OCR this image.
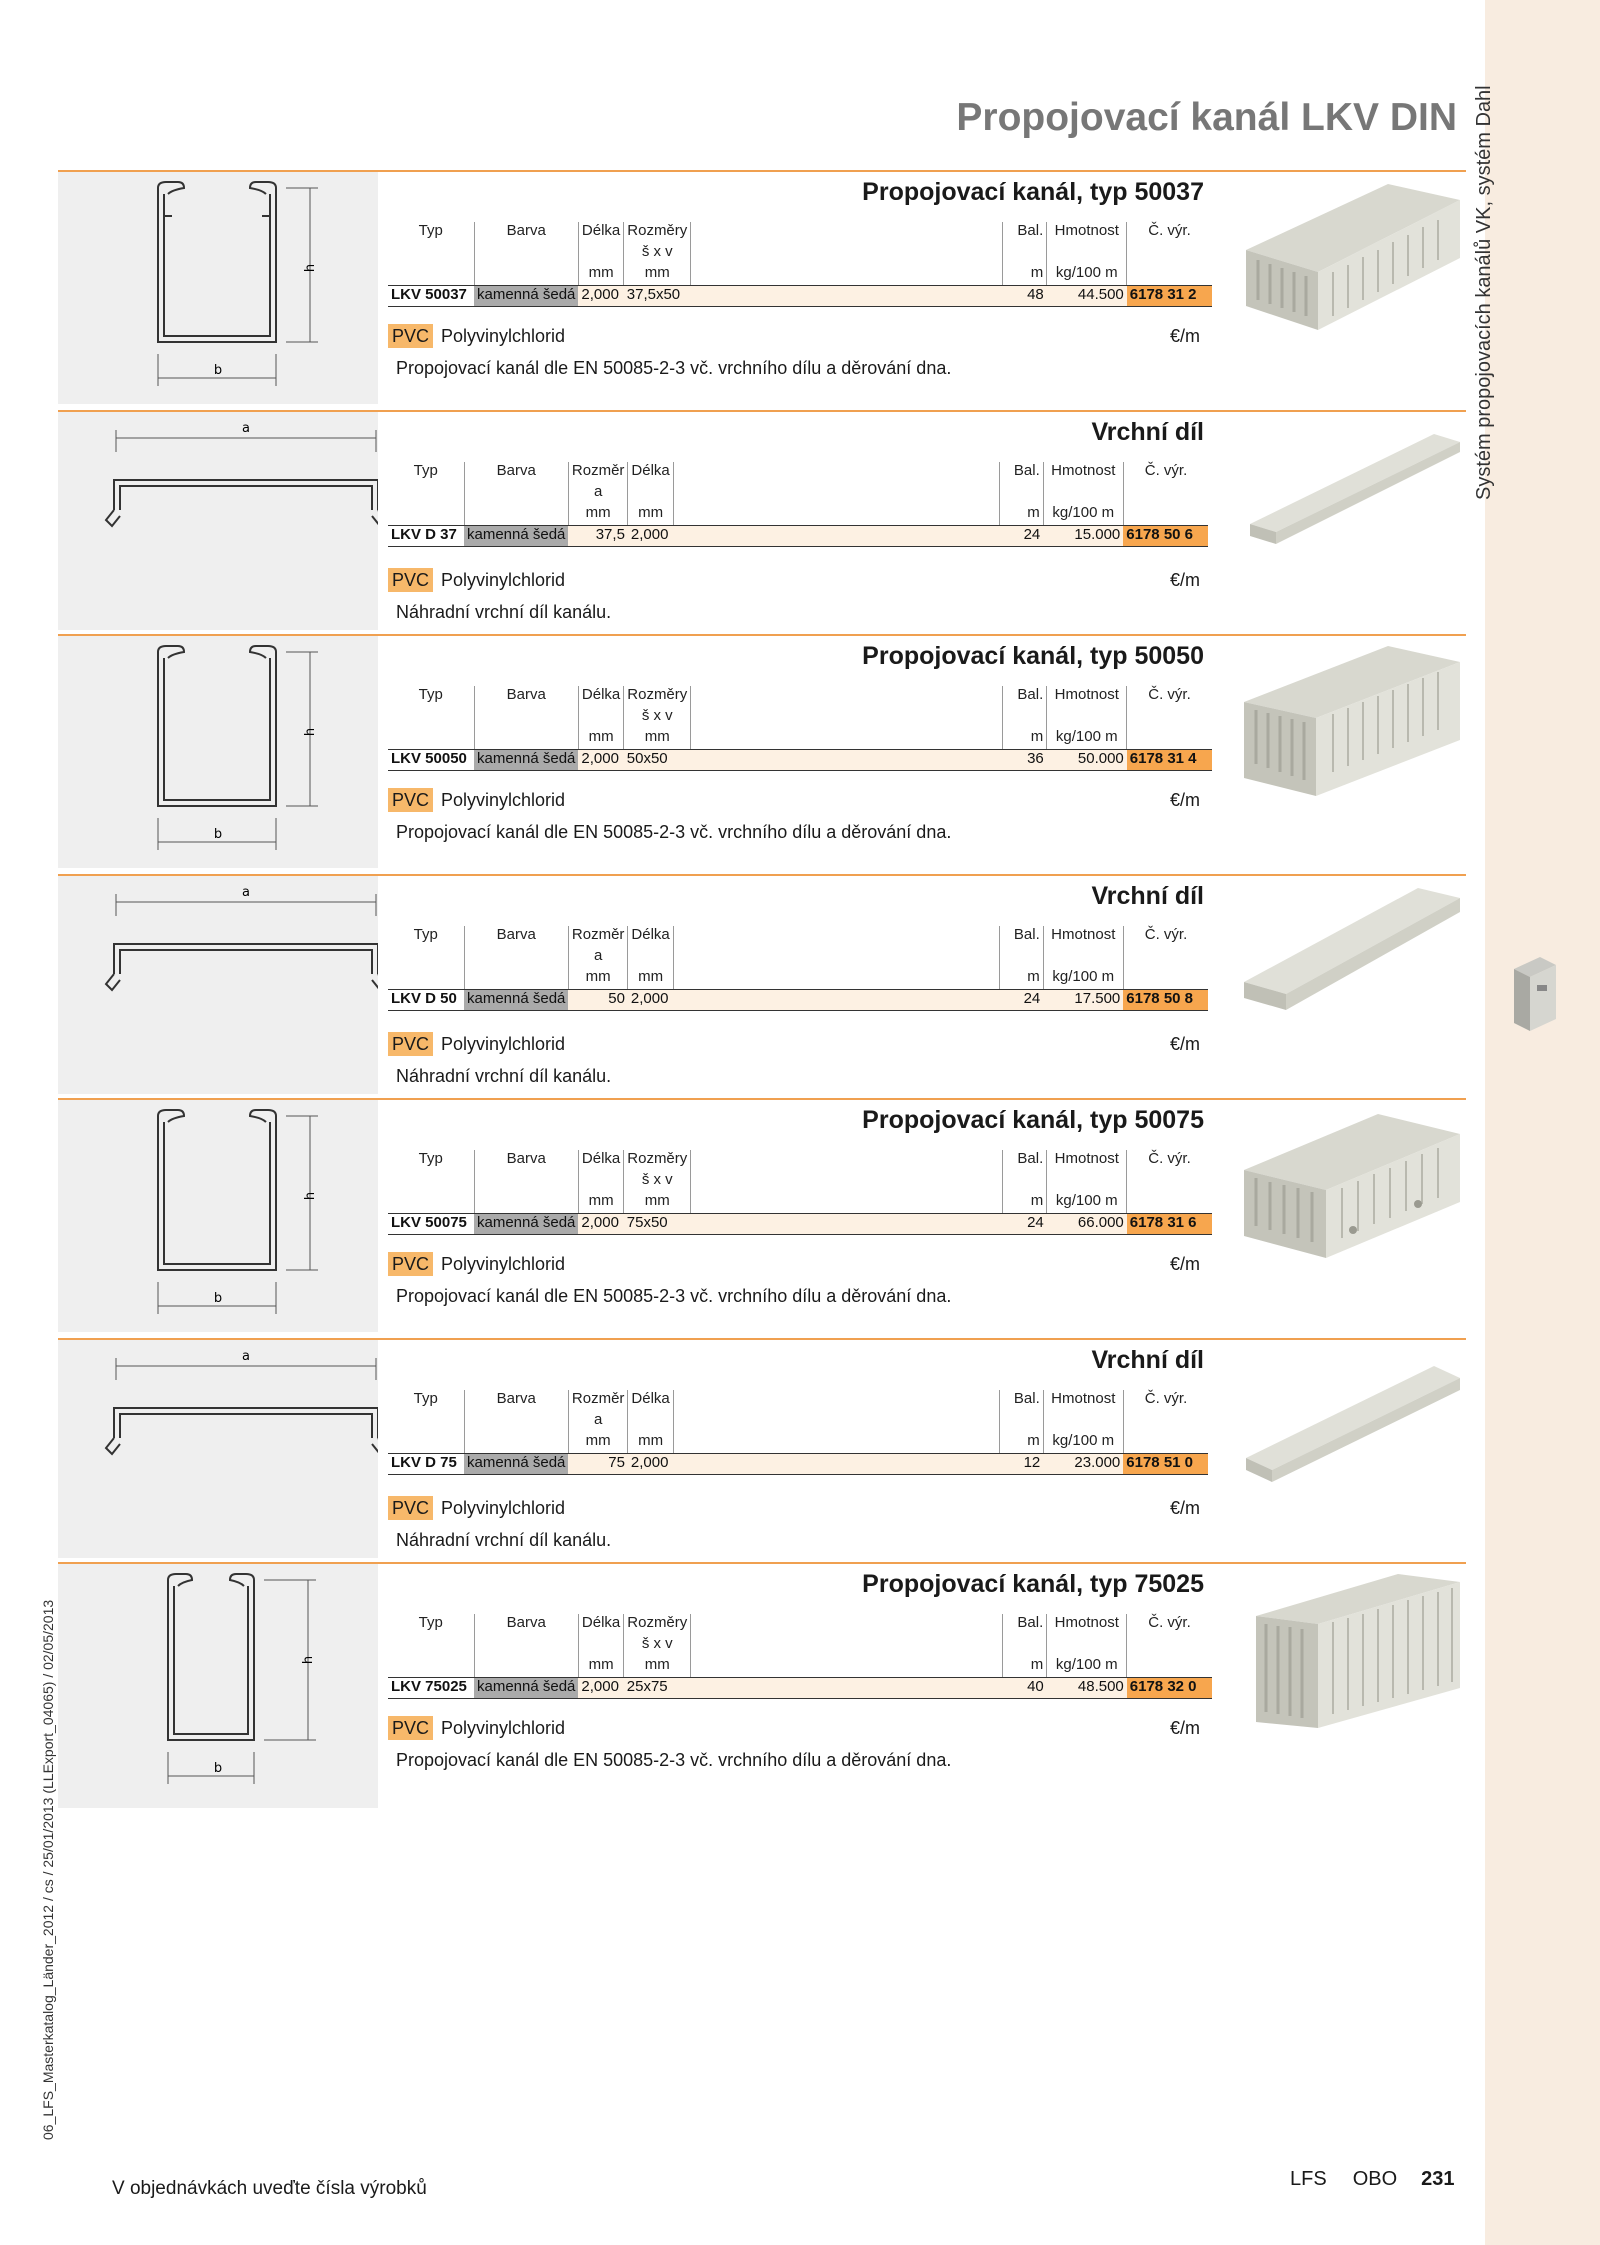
Systém propojovacích kanálů VK, systém Dahl
Propojovací kanál LKV DIN
06_LFS_Masterkatalog_Länder_2012 / cs / 25/01/2013 (LLExport_04065) / 02/05/2013
b
h
Propojovací kanál, typ 50037
Typ	Barva	Délka	Rozměry		Bal.	Hmotnost	Č. výr.
			š x v				
		mm	mm		m	kg/100 m	
LKV 50037	kamenná šedá	2,000	37,5x50		48	44.500	6178 31 2
PVC Polyvinylchlorid	€/m
Propojovací kanál dle EN 50085-2-3 vč. vrchního dílu a děrování dna.
a	Vrchní díl
Typ	Barva	Rozměr	Délka		Bal.	Hmotnost	Č. výr.
		a					
		mm	mm		m	kg/100 m	
LKV D 37	kamenná šedá	37,5	2,000		24	15.000	6178 50 6
PVC Polyvinylchlorid	€/m
Náhradní vrchní díl kanálu.
b
h
Propojovací kanál, typ 50050
Typ	Barva	Délka	Rozměry		Bal.	Hmotnost	Č. výr.
			š x v				
		mm	mm		m	kg/100 m	
LKV 50050	kamenná šedá	2,000	50x50		36	50.000	6178 31 4
PVC Polyvinylchlorid	€/m
Propojovací kanál dle EN 50085-2-3 vč. vrchního dílu a děrování dna.
a	Vrchní díl
Typ	Barva	Rozměr	Délka		Bal.	Hmotnost	Č. výr.
		a					
		mm	mm		m	kg/100 m	
LKV D 50	kamenná šedá	50	2,000		24	17.500	6178 50 8
PVC Polyvinylchlorid	€/m
Náhradní vrchní díl kanálu.
b
h
Propojovací kanál, typ 50075
Typ	Barva	Délka	Rozměry		Bal.	Hmotnost	Č. výr.
			š x v				
		mm	mm		m	kg/100 m	
LKV 50075	kamenná šedá	2,000	75x50		24	66.000	6178 31 6
PVC Polyvinylchlorid	€/m
Propojovací kanál dle EN 50085-2-3 vč. vrchního dílu a děrování dna.
a	Vrchní díl
Typ	Barva	Rozměr	Délka		Bal.	Hmotnost	Č. výr.
		a					
		mm	mm		m	kg/100 m	
LKV D 75	kamenná šedá	75	2,000		12	23.000	6178 51 0
PVC Polyvinylchlorid	€/m
Náhradní vrchní díl kanálu.
b
h
Propojovací kanál, typ 75025
Typ	Barva	Délka	Rozměry		Bal.	Hmotnost	Č. výr.
			š x v				
		mm	mm		m	kg/100 m	
LKV 75025	kamenná šedá	2,000	25x75		40	48.500	6178 32 0
PVC Polyvinylchlorid	€/m
Propojovací kanál dle EN 50085-2-3 vč. vrchního dílu a děrování dna.
V objednávkách uveďte čísla výrobků	LFS OBO 231
